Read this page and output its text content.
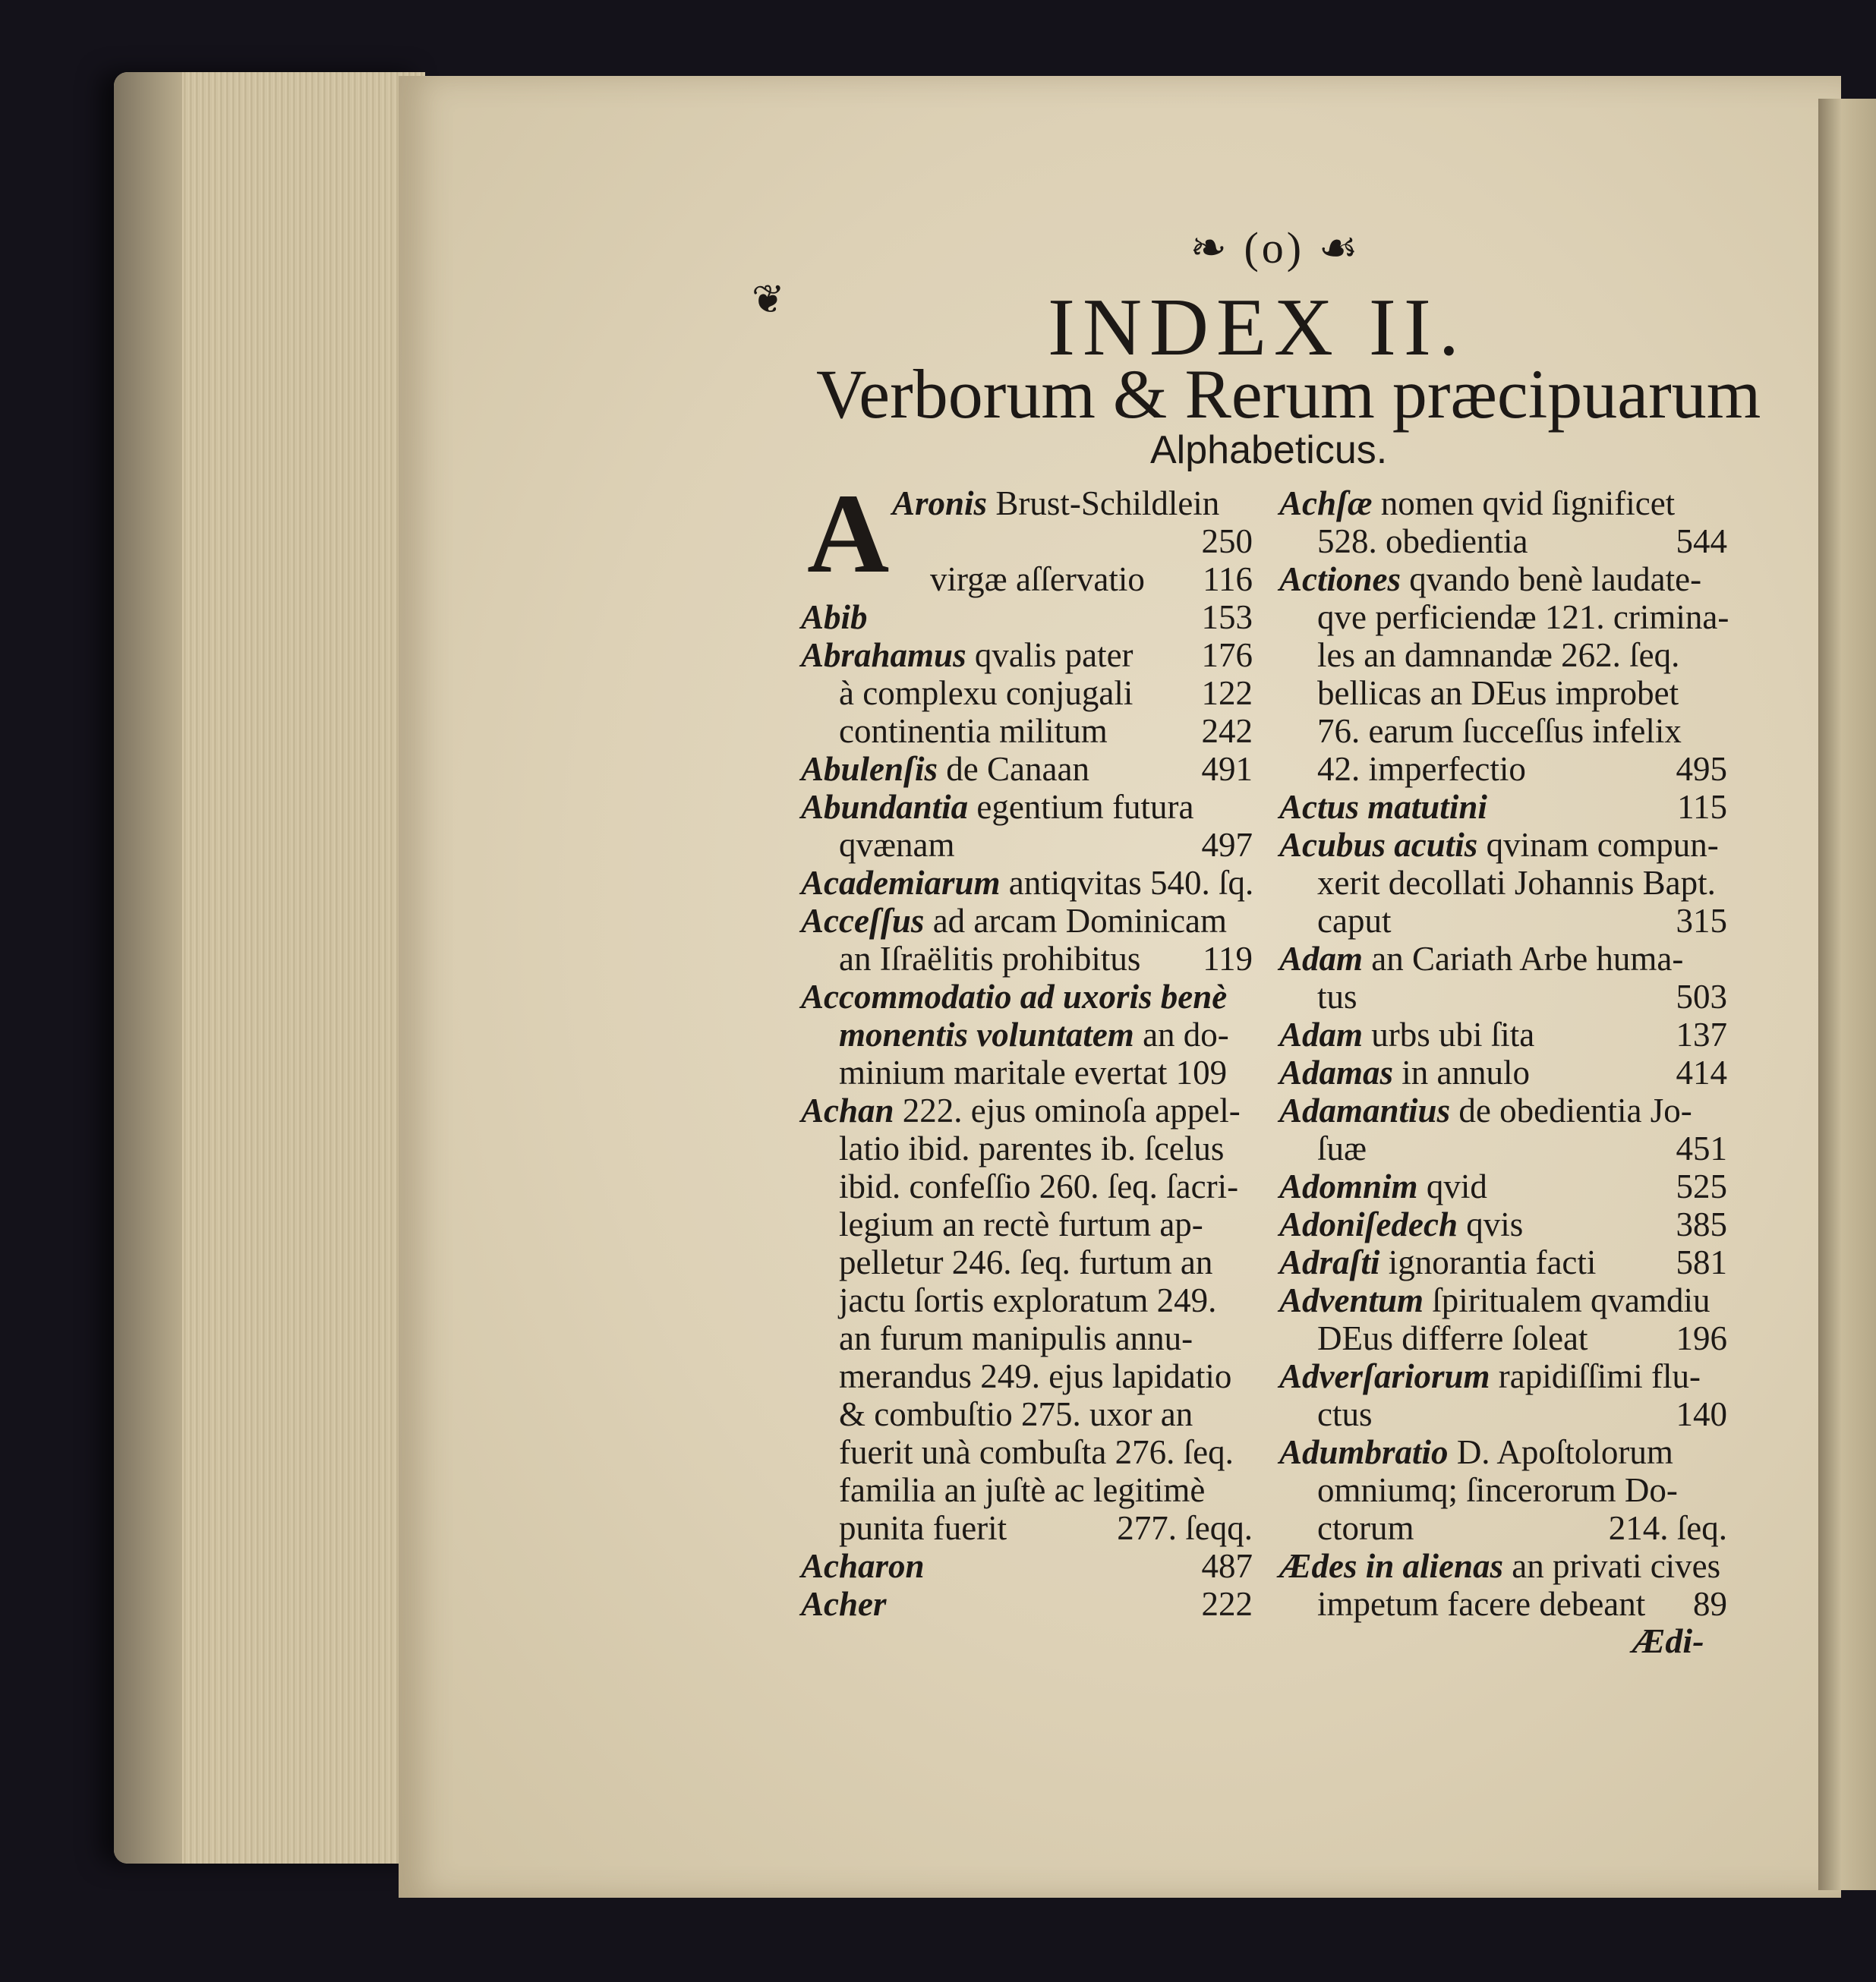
❧ (o) ☙
❦	INDEX II.
Verborum & Rerum præcipuarum
Alphabeticus.
A Aronis Brust-Schildlein
250
virgæ aſſervatio 116
Abib	153
Abrahamus qvalis pater 176
à complexu conjugali 122
continentia militum	242
Abulenſis de Canaan	491
Abundantia egentium futura
qvænam	497
Academiarum antiqvitas 540. ſq.
Acceſſus ad arcam Dominicam
an Iſraëlitis prohibitus 119
Accommodatio ad uxoris benè
monentis voluntatem an do-
minium maritale evertat 109
Achan 222. ejus ominoſa appel-
latio ibid. parentes ib. ſcelus
ibid. confeſſio 260. ſeq. ſacri-
legium an rectè furtum ap-
pelletur 246. ſeq. furtum an
jactu ſortis exploratum 249.
an furum manipulis annu-
merandus 249. ejus lapidatio
& combuſtio 275. uxor an
fuerit unà combuſta 276. ſeq.
familia an juſtè ac legitimè
punita fuerit	277. ſeqq.
Acharon	487
Acher	222
Achſæ nomen qvid ſignificet
528. obedientia	544
Actiones qvando benè laudate-
qve perficiendæ 121. crimina-
les an damnandæ 262. ſeq.
bellicas an DEus improbet
76. earum ſucceſſus infelix
42. imperfectio	495
Actus matutini	115
Acubus acutis qvinam compun-
xerit decollati Johannis Bapt.
caput	315
Adam an Cariath Arbe huma-
tus	503
Adam urbs ubi ſita	137
Adamas in annulo	414
Adamantius de obedientia Jo-
ſuæ	451
Adomnim qvid	525
Adoniſedech qvis	385
Adraſti ignorantia facti 581
Adventum ſpiritualem qvamdiu
DEus differre ſoleat	196
Adverſariorum rapidiſſimi flu-
ctus	140
Adumbratio D. Apoſtolorum
omniumq; ſincerorum Do-
ctorum	214. ſeq.
Ædes in alienas an privati cives
impetum facere debeant 89
Ædi-
